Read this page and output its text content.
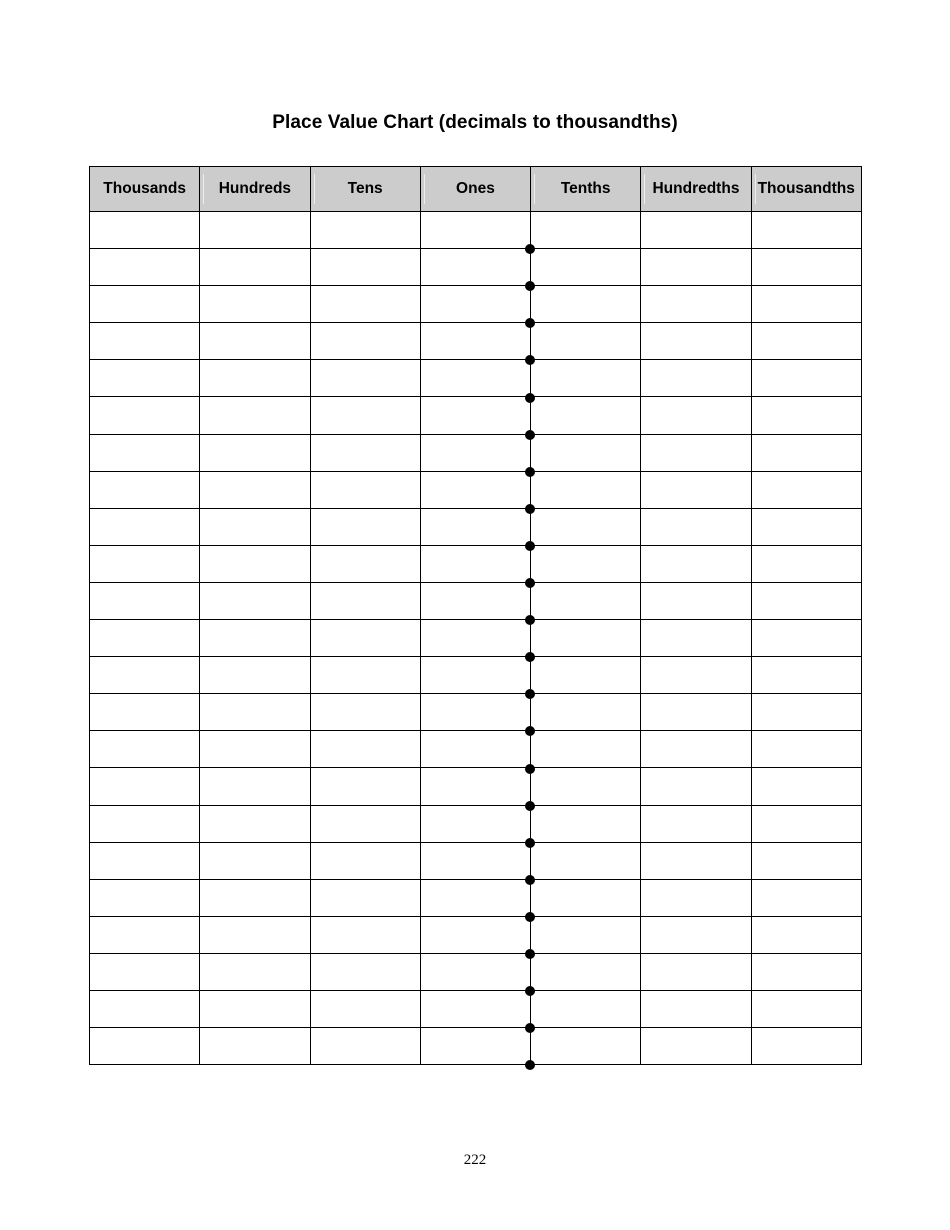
Place Value Chart (decimals to thousandths)
Thousands	Hundreds	Tens	Ones	Tenths	Hundredths	Thousandths

222
